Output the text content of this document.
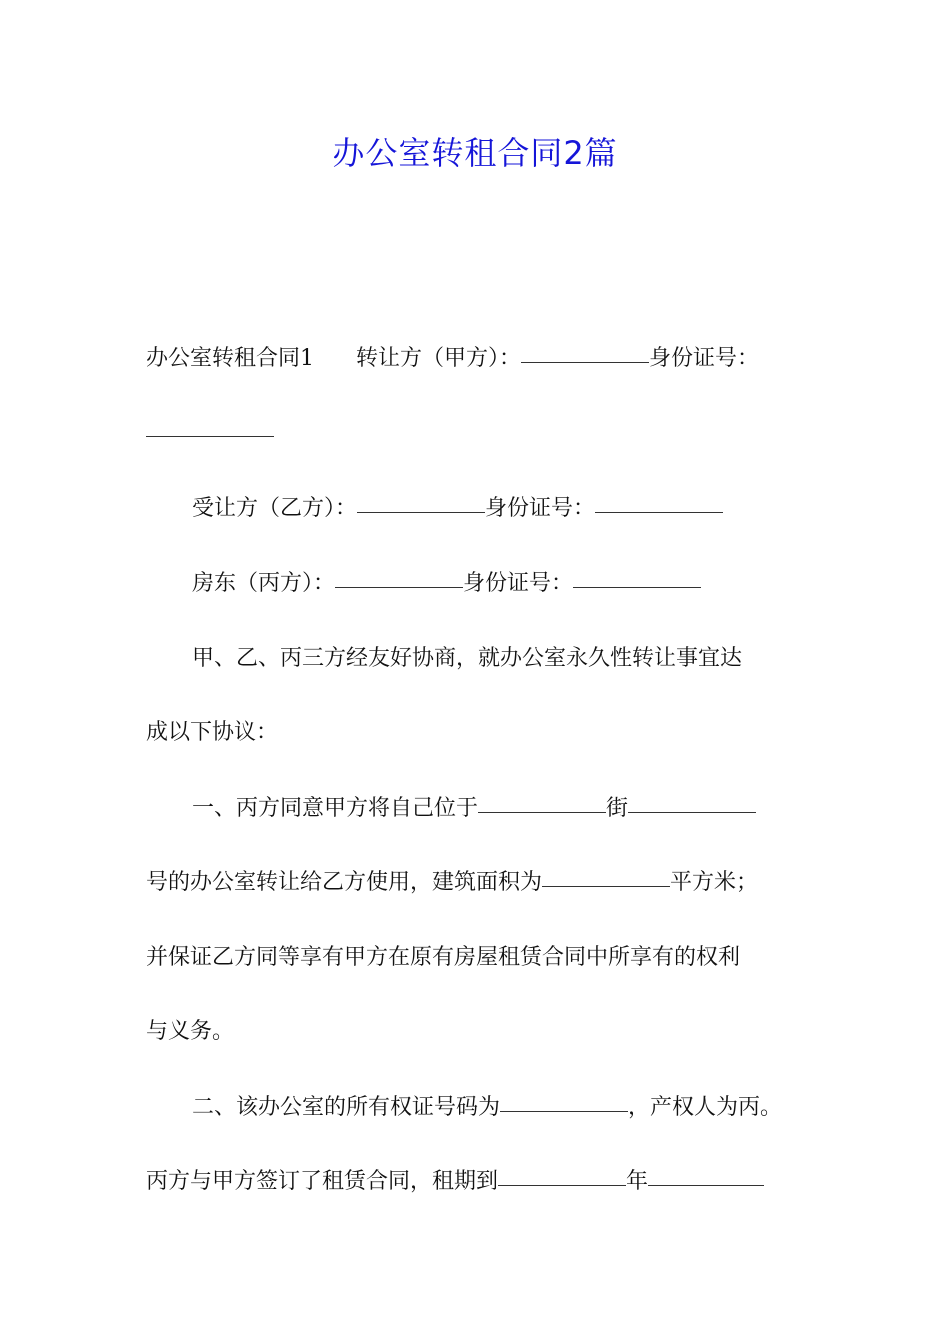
办公室转租合同2篇
办公室转租合同1 转让方（甲方）：	身份证号：
受让方（乙方）：	身份证号：
房东（丙方）：	身份证号：
甲、乙、丙三方经友好协商，就办公室永久性转让事宜达
成以下协议：
一、丙方同意甲方将自己位于	街
号的办公室转让给乙方使用，建筑面积为	平方米；
并保证乙方同等享有甲方在原有房屋租赁合同中所享有的权利
与义务。
二、该办公室的所有权证号码为	，产权人为丙。
丙方与甲方签订了租赁合同，租期到	年
